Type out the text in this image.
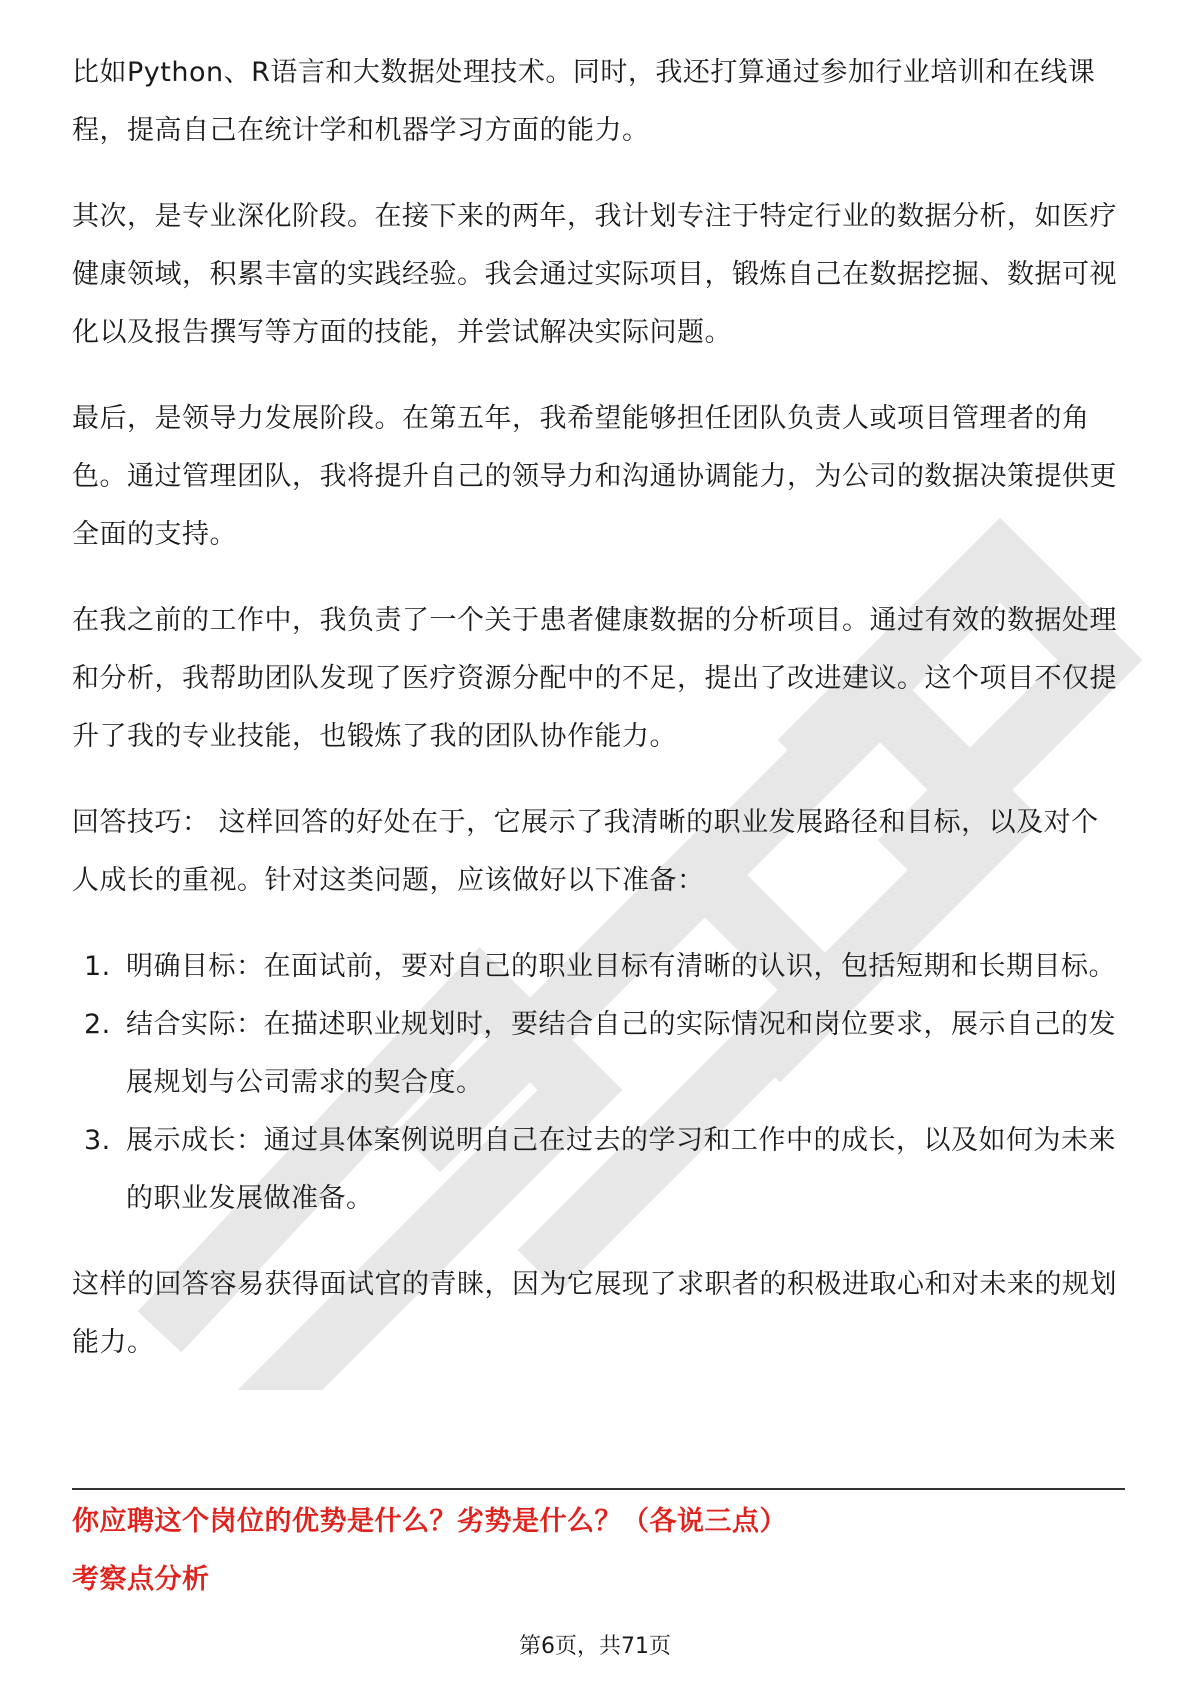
比如Python、R语言和大数据处理技术。同时，我还打算通过参加行业培训和在线课程，提高自己在统计学和机器学习方面的能力。

其次，是专业深化阶段。在接下来的两年，我计划专注于特定行业的数据分析，如医疗健康领域，积累丰富的实践经验。我会通过实际项目，锻炼自己在数据挖掘、数据可视化以及报告撰写等方面的技能，并尝试解决实际问题。

最后，是领导力发展阶段。在第五年，我希望能够担任团队负责人或项目管理者的角色。通过管理团队，我将提升自己的领导力和沟通协调能力，为公司的数据决策提供更全面的支持。

在我之前的工作中，我负责了一个关于患者健康数据的分析项目。通过有效的数据处理和分析，我帮助团队发现了医疗资源分配中的不足，提出了改进建议。这个项目不仅提升了我的专业技能，也锻炼了我的团队协作能力。

回答技巧： 这样回答的好处在于，它展示了我清晰的职业发展路径和目标，以及对个人成长的重视。针对这类问题，应该做好以下准备：

1. 明确目标：在面试前，要对自己的职业目标有清晰的认识，包括短期和长期目标。
2. 结合实际：在描述职业规划时，要结合自己的实际情况和岗位要求，展示自己的发展规划与公司需求的契合度。
3. 展示成长：通过具体案例说明自己在过去的学习和工作中的成长，以及如何为未来的职业发展做准备。

这样的回答容易获得面试官的青睐，因为它展现了求职者的积极进取心和对未来的规划能力。

你应聘这个岗位的优势是什么？劣势是什么？（各说三点）
考察点分析
第6页，共71页
